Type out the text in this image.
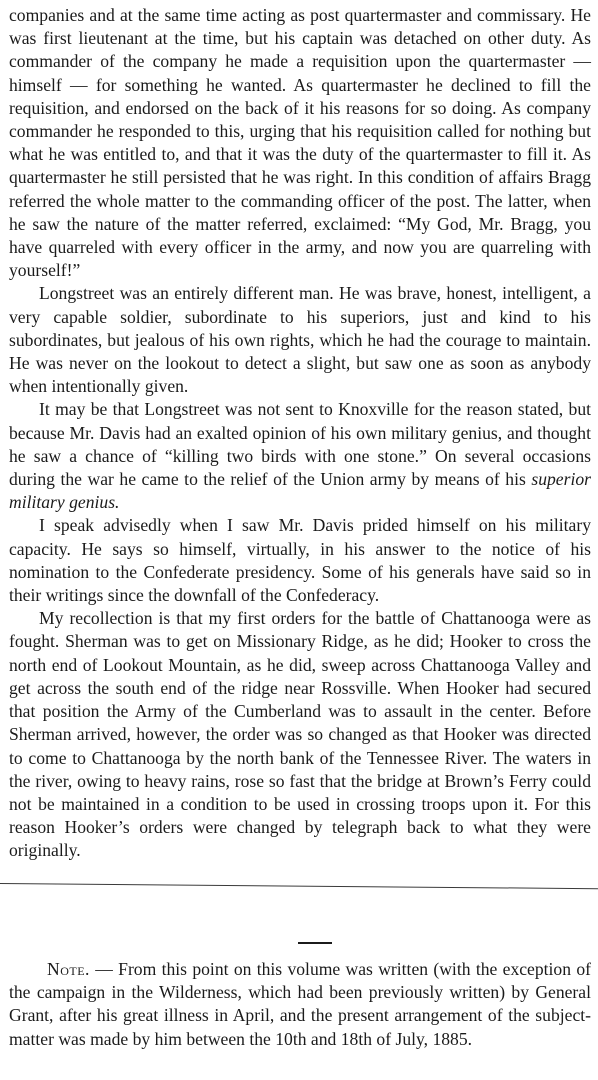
companies and at the same time acting as post quartermaster and commissary. He was first lieutenant at the time, but his captain was detached on other duty. As commander of the company he made a requisition upon the quartermaster — himself — for something he wanted. As quartermaster he declined to fill the requisition, and endorsed on the back of it his reasons for so doing. As company commander he responded to this, urging that his requisition called for nothing but what he was entitled to, and that it was the duty of the quartermaster to fill it. As quartermaster he still persisted that he was right. In this condition of affairs Bragg referred the whole matter to the commanding officer of the post. The latter, when he saw the nature of the matter referred, exclaimed: “My God, Mr. Bragg, you have quarreled with every officer in the army, and now you are quarreling with yourself!”

Longstreet was an entirely different man. He was brave, honest, intelligent, a very capable soldier, subordinate to his superiors, just and kind to his subordinates, but jealous of his own rights, which he had the courage to maintain. He was never on the lookout to detect a slight, but saw one as soon as anybody when intentionally given.

It may be that Longstreet was not sent to Knoxville for the reason stated, but because Mr. Davis had an exalted opinion of his own military genius, and thought he saw a chance of “killing two birds with one stone.” On several occasions during the war he came to the relief of the Union army by means of his superior military genius.

I speak advisedly when I saw Mr. Davis prided himself on his military capacity. He says so himself, virtually, in his answer to the notice of his nomination to the Confederate presidency. Some of his generals have said so in their writings since the downfall of the Confederacy.

My recollection is that my first orders for the battle of Chattanooga were as fought. Sherman was to get on Missionary Ridge, as he did; Hooker to cross the north end of Lookout Mountain, as he did, sweep across Chattanooga Valley and get across the south end of the ridge near Rossville. When Hooker had secured that position the Army of the Cumberland was to assault in the center. Before Sherman arrived, however, the order was so changed as that Hooker was directed to come to Chattanooga by the north bank of the Tennessee River. The waters in the river, owing to heavy rains, rose so fast that the bridge at Brown’s Ferry could not be maintained in a condition to be used in crossing troops upon it. For this reason Hooker’s orders were changed by telegraph back to what they were originally.

Note. — From this point on this volume was written (with the exception of the campaign in the Wilderness, which had been previously written) by General Grant, after his great illness in April, and the present arrangement of the subject-matter was made by him between the 10th and 18th of July, 1885.
